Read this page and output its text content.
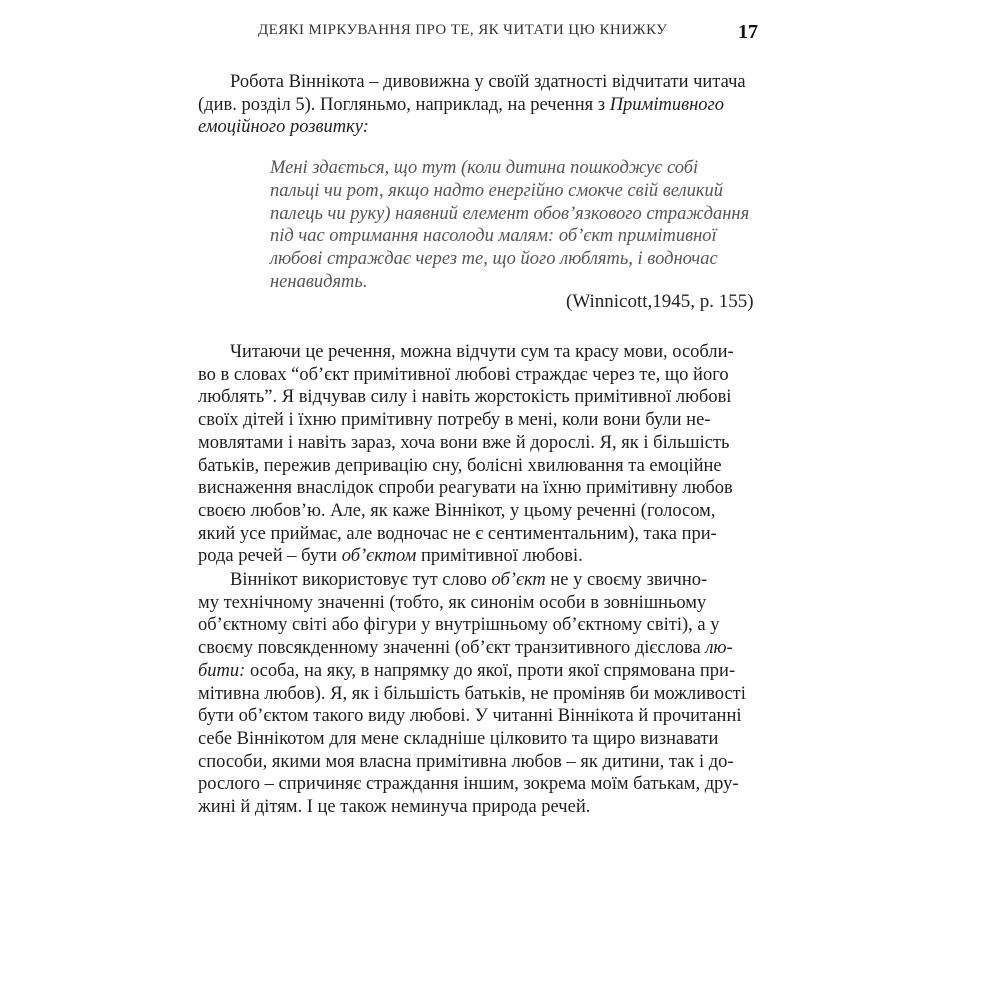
ДЕЯКІ МІРКУВАННЯ ПРО ТЕ, ЯК ЧИТАТИ ЦЮ КНИЖКУ	17
Робота Віннікота – дивовижна у своїй здатності відчитати читача
(див. розділ 5). Погляньмо, наприклад, на речення з Примітивного
емоційного розвитку:
Мені здається, що тут (коли дитина пошкоджує собі
пальці чи рот, якщо надто енергійно смокче свій великий
палець чи руку) наявний елемент обов’язкового страждання
під час отримання насолоди малям: об’єкт примітивної
любові страждає через те, що його люблять, і водночас
ненавидять.
(Winnicott,1945, p. 155)
Читаючи це речення, можна відчути сум та красу мови, особли-
во в словах “об’єкт примітивної любові страждає через те, що його
люблять”. Я відчував силу і навіть жорстокість примітивної любові
своїх дітей і їхню примітивну потребу в мені, коли вони були не-
мовлятами і навіть зараз, хоча вони вже й дорослі. Я, як і більшість
батьків, пережив депривацію сну, болісні хвилювання та емоційне
виснаження внаслідок спроби реагувати на їхню примітивну любов
своєю любов’ю. Але, як каже Віннікот, у цьому реченні (голосом,
який усе приймає, але водночас не є сентиментальним), така при-
рода речей – бути об’єктом примітивної любові.
Віннікот використовує тут слово об’єкт не у своєму звично-
му технічному значенні (тобто, як синонім особи в зовнішньому
об’єктному світі або фігури у внутрішньому об’єктному світі), а у
своєму повсякденному значенні (об’єкт транзитивного дієслова лю-
бити: особа, на яку, в напрямку до якої, проти якої спрямована при-
мітивна любов). Я, як і більшість батьків, не проміняв би можливості
бути об’єктом такого виду любові. У читанні Віннікота й прочитанні
себе Віннікотом для мене складніше цілковито та щиро визнавати
способи, якими моя власна примітивна любов – як дитини, так і до-
рослого – спричиняє страждання іншим, зокрема моїм батькам, дру-
жині й дітям. І це також неминуча природа речей.
